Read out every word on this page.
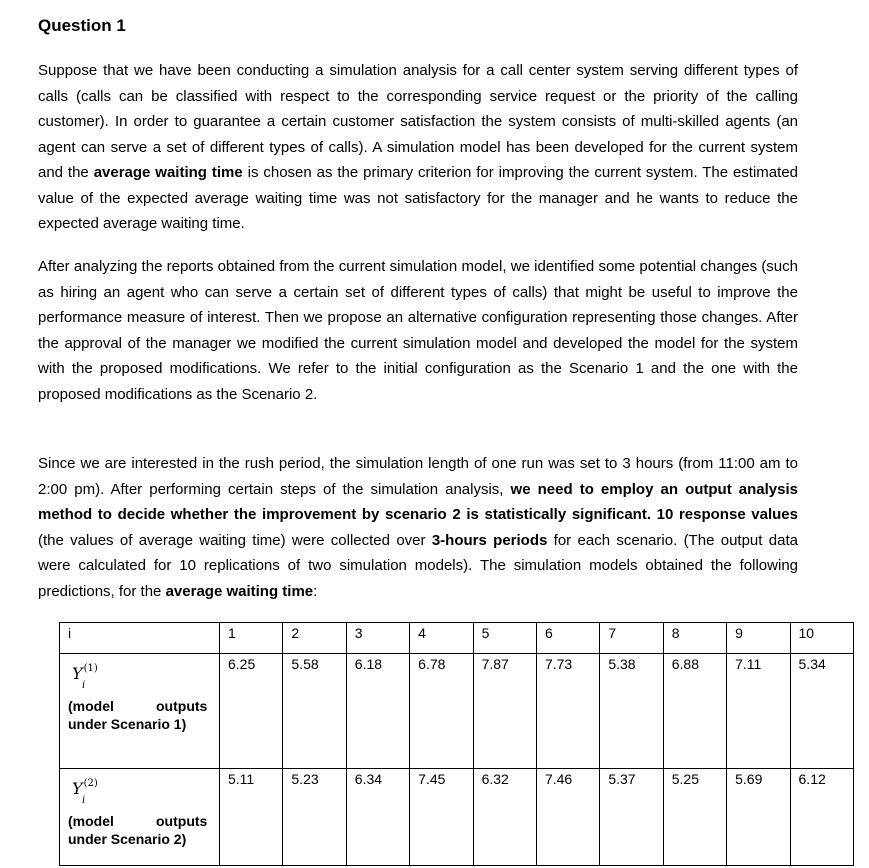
Question 1

Suppose that we have been conducting a simulation analysis for a call center system serving different types of calls (calls can be classified with respect to the corresponding service request or the priority of the calling customer). In order to guarantee a certain customer satisfaction the system consists of multi-skilled agents (an agent can serve a set of different types of calls). A simulation model has been developed for the current system and the average waiting time is chosen as the primary criterion for improving the current system. The estimated value of the expected average waiting time was not satisfactory for the manager and he wants to reduce the expected average waiting time.

After analyzing the reports obtained from the current simulation model, we identified some potential changes (such as hiring an agent who can serve a certain set of different types of calls) that might be useful to improve the performance measure of interest. Then we propose an alternative configuration representing those changes. After the approval of the manager we modified the current simulation model and developed the model for the system with the proposed modifications. We refer to the initial configuration as the Scenario 1 and the one with the proposed modifications as the Scenario 2.

Since we are interested in the rush period, the simulation length of one run was set to 3 hours (from 11:00 am to 2:00 pm). After performing certain steps of the simulation analysis, we need to employ an output analysis method to decide whether the improvement by scenario 2 is statistically significant. 10 response values (the values of average waiting time) were collected over 3-hours periods for each scenario. (The output data were calculated for 10 replications of two simulation models). The simulation models obtained the following predictions, for the average waiting time:

i	1	2	3	4	5	6	7	8	9	10
$Y^{(1)}$
i
(model outputs
under Scenario 1)	6.25	5.58	6.18	6.78	7.87	7.73	5.38	6.88	7.11	5.34
$Y^{(2)}$
i
(model outputs
under Scenario 2)	5.11	5.23	6.34	7.45	6.32	7.46	5.37	5.25	5.69	6.12
